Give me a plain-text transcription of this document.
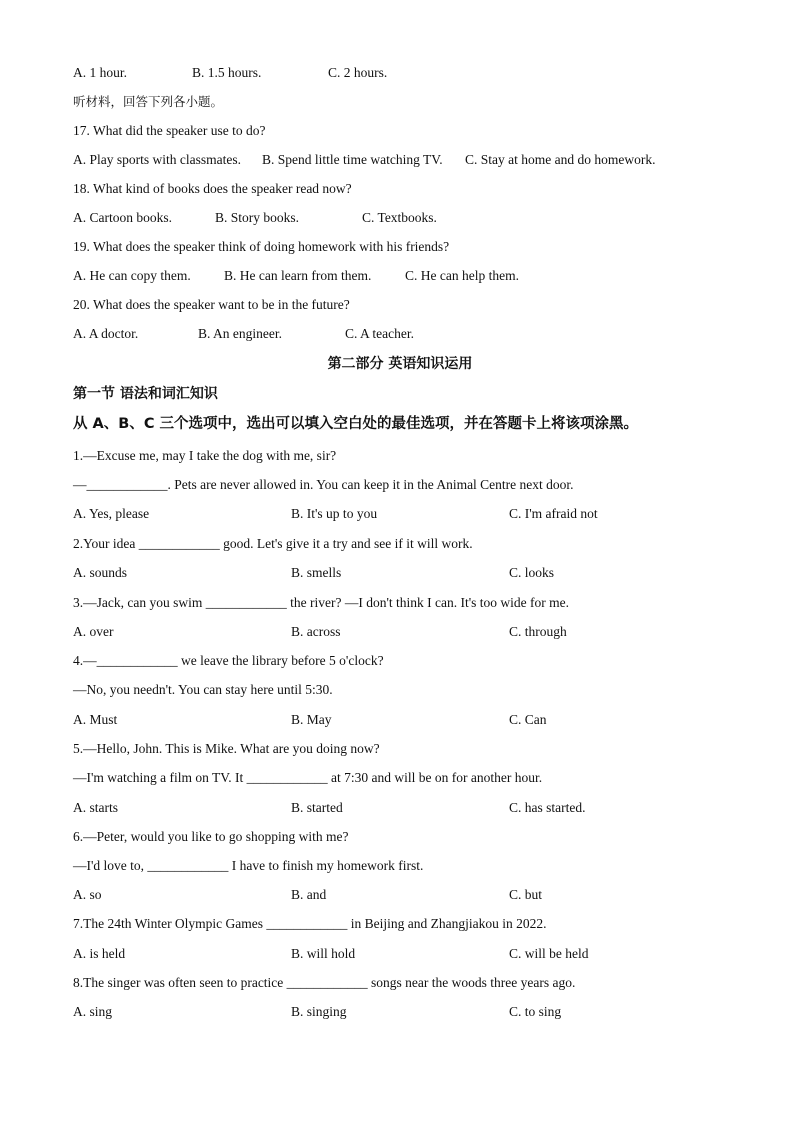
A. 1 hour.	B. 1.5 hours.	C. 2 hours.
听材料，回答下列各小题。
17. What did the speaker use to do?
A. Play sports with classmates. B. Spend little time watching TV. C. Stay at home and do homework.
18. What kind of books does the speaker read now?
A. Cartoon books.	B. Story books.	C. Textbooks.
19. What does the speaker think of doing homework with his friends?
A. He can copy them. B. He can learn from them. C. He can help them.
20. What does the speaker want to be in the future?
A. A doctor.	B. An engineer.	C. A teacher.
第二部分 英语知识运用
第一节 语法和词汇知识
从 A、B、C 三个选项中，选出可以填入空白处的最佳选项，并在答题卡上将该项涂黑。
1.—Excuse me, may I take the dog with me, sir?
—____________. Pets are never allowed in. You can keep it in the Animal Centre next door.
A. Yes, please	B. It's up to you	C. I'm afraid not
2.Your idea ____________ good. Let's give it a try and see if it will work.
A. sounds	B. smells	C. looks
3.—Jack, can you swim ____________ the river? —I don't think I can. It's too wide for me.
A. over	B. across	C. through
4.—____________ we leave the library before 5 o'clock?
—No, you needn't. You can stay here until 5:30.
A. Must	B. May	C. Can
5.—Hello, John. This is Mike. What are you doing now?
—I'm watching a film on TV. It ____________ at 7:30 and will be on for another hour.
A. starts	B. started	C. has started.
6.—Peter, would you like to go shopping with me?
—I'd love to, ____________ I have to finish my homework first.
A. so	B. and	C. but
7.The 24th Winter Olympic Games ____________ in Beijing and Zhangjiakou in 2022.
A. is held	B. will hold	C. will be held
8.The singer was often seen to practice ____________ songs near the woods three years ago.
A. sing	B. singing	C. to sing
